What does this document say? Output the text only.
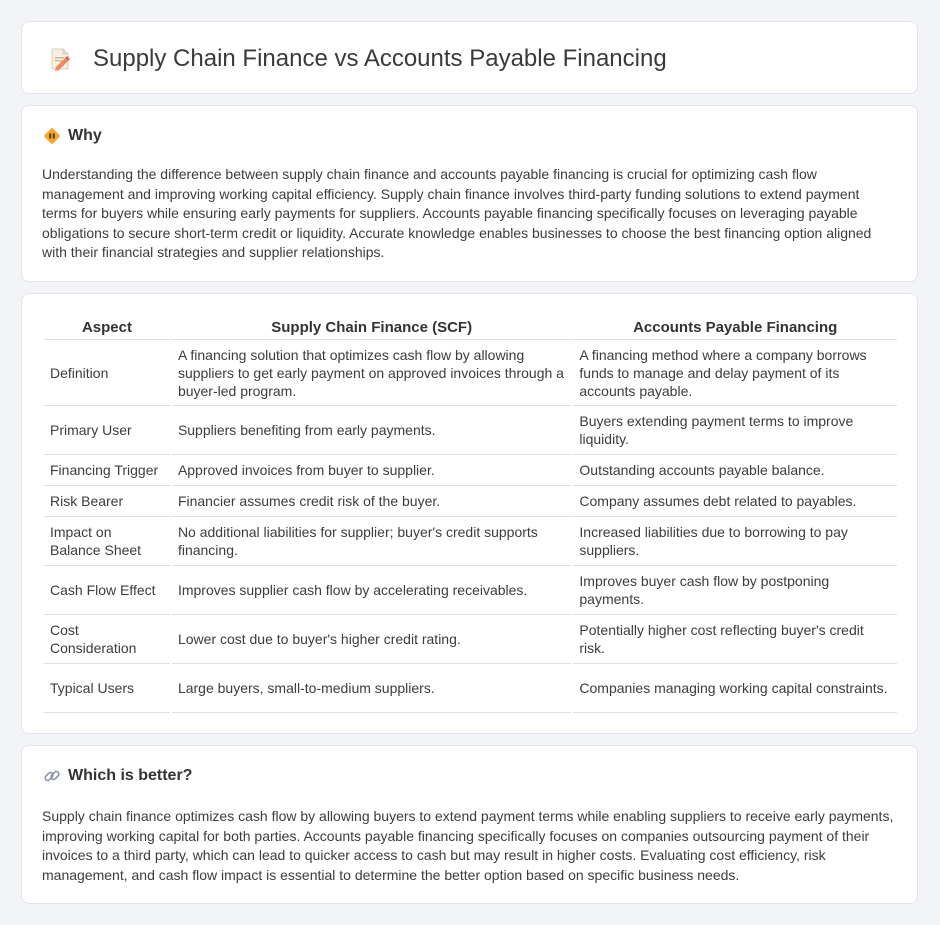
Supply Chain Finance vs Accounts Payable Financing
Why

Understanding the difference between supply chain finance and accounts payable financing is crucial for optimizing cash flow management and improving working capital efficiency. Supply chain finance involves third-party funding solutions to extend payment terms for buyers while ensuring early payments for suppliers. Accounts payable financing specifically focuses on leveraging payable obligations to secure short-term credit or liquidity. Accurate knowledge enables businesses to choose the best financing option aligned with their financial strategies and supplier relationships.

Aspect	Supply Chain Finance (SCF)	Accounts Payable Financing
Definition	A financing solution that optimizes cash flow by allowing suppliers to get early payment on approved invoices through a buyer-led program.	A financing method where a company borrows funds to manage and delay payment of its accounts payable.
Primary User	Suppliers benefiting from early payments.	Buyers extending payment terms to improve liquidity.
Financing Trigger	Approved invoices from buyer to supplier.	Outstanding accounts payable balance.
Risk Bearer	Financier assumes credit risk of the buyer.	Company assumes debt related to payables.
Impact on Balance Sheet	No additional liabilities for supplier; buyer's credit supports financing.	Increased liabilities due to borrowing to pay suppliers.
Cash Flow Effect	Improves supplier cash flow by accelerating receivables.	Improves buyer cash flow by postponing payments.
Cost Consideration	Lower cost due to buyer's higher credit rating.	Potentially higher cost reflecting buyer's credit risk.
Typical Users	Large buyers, small-to-medium suppliers.	Companies managing working capital constraints.
Which is better?

Supply chain finance optimizes cash flow by allowing buyers to extend payment terms while enabling suppliers to receive early payments, improving working capital for both parties. Accounts payable financing specifically focuses on companies outsourcing payment of their invoices to a third party, which can lead to quicker access to cash but may result in higher costs. Evaluating cost efficiency, risk management, and cash flow impact is essential to determine the better option based on specific business needs.
